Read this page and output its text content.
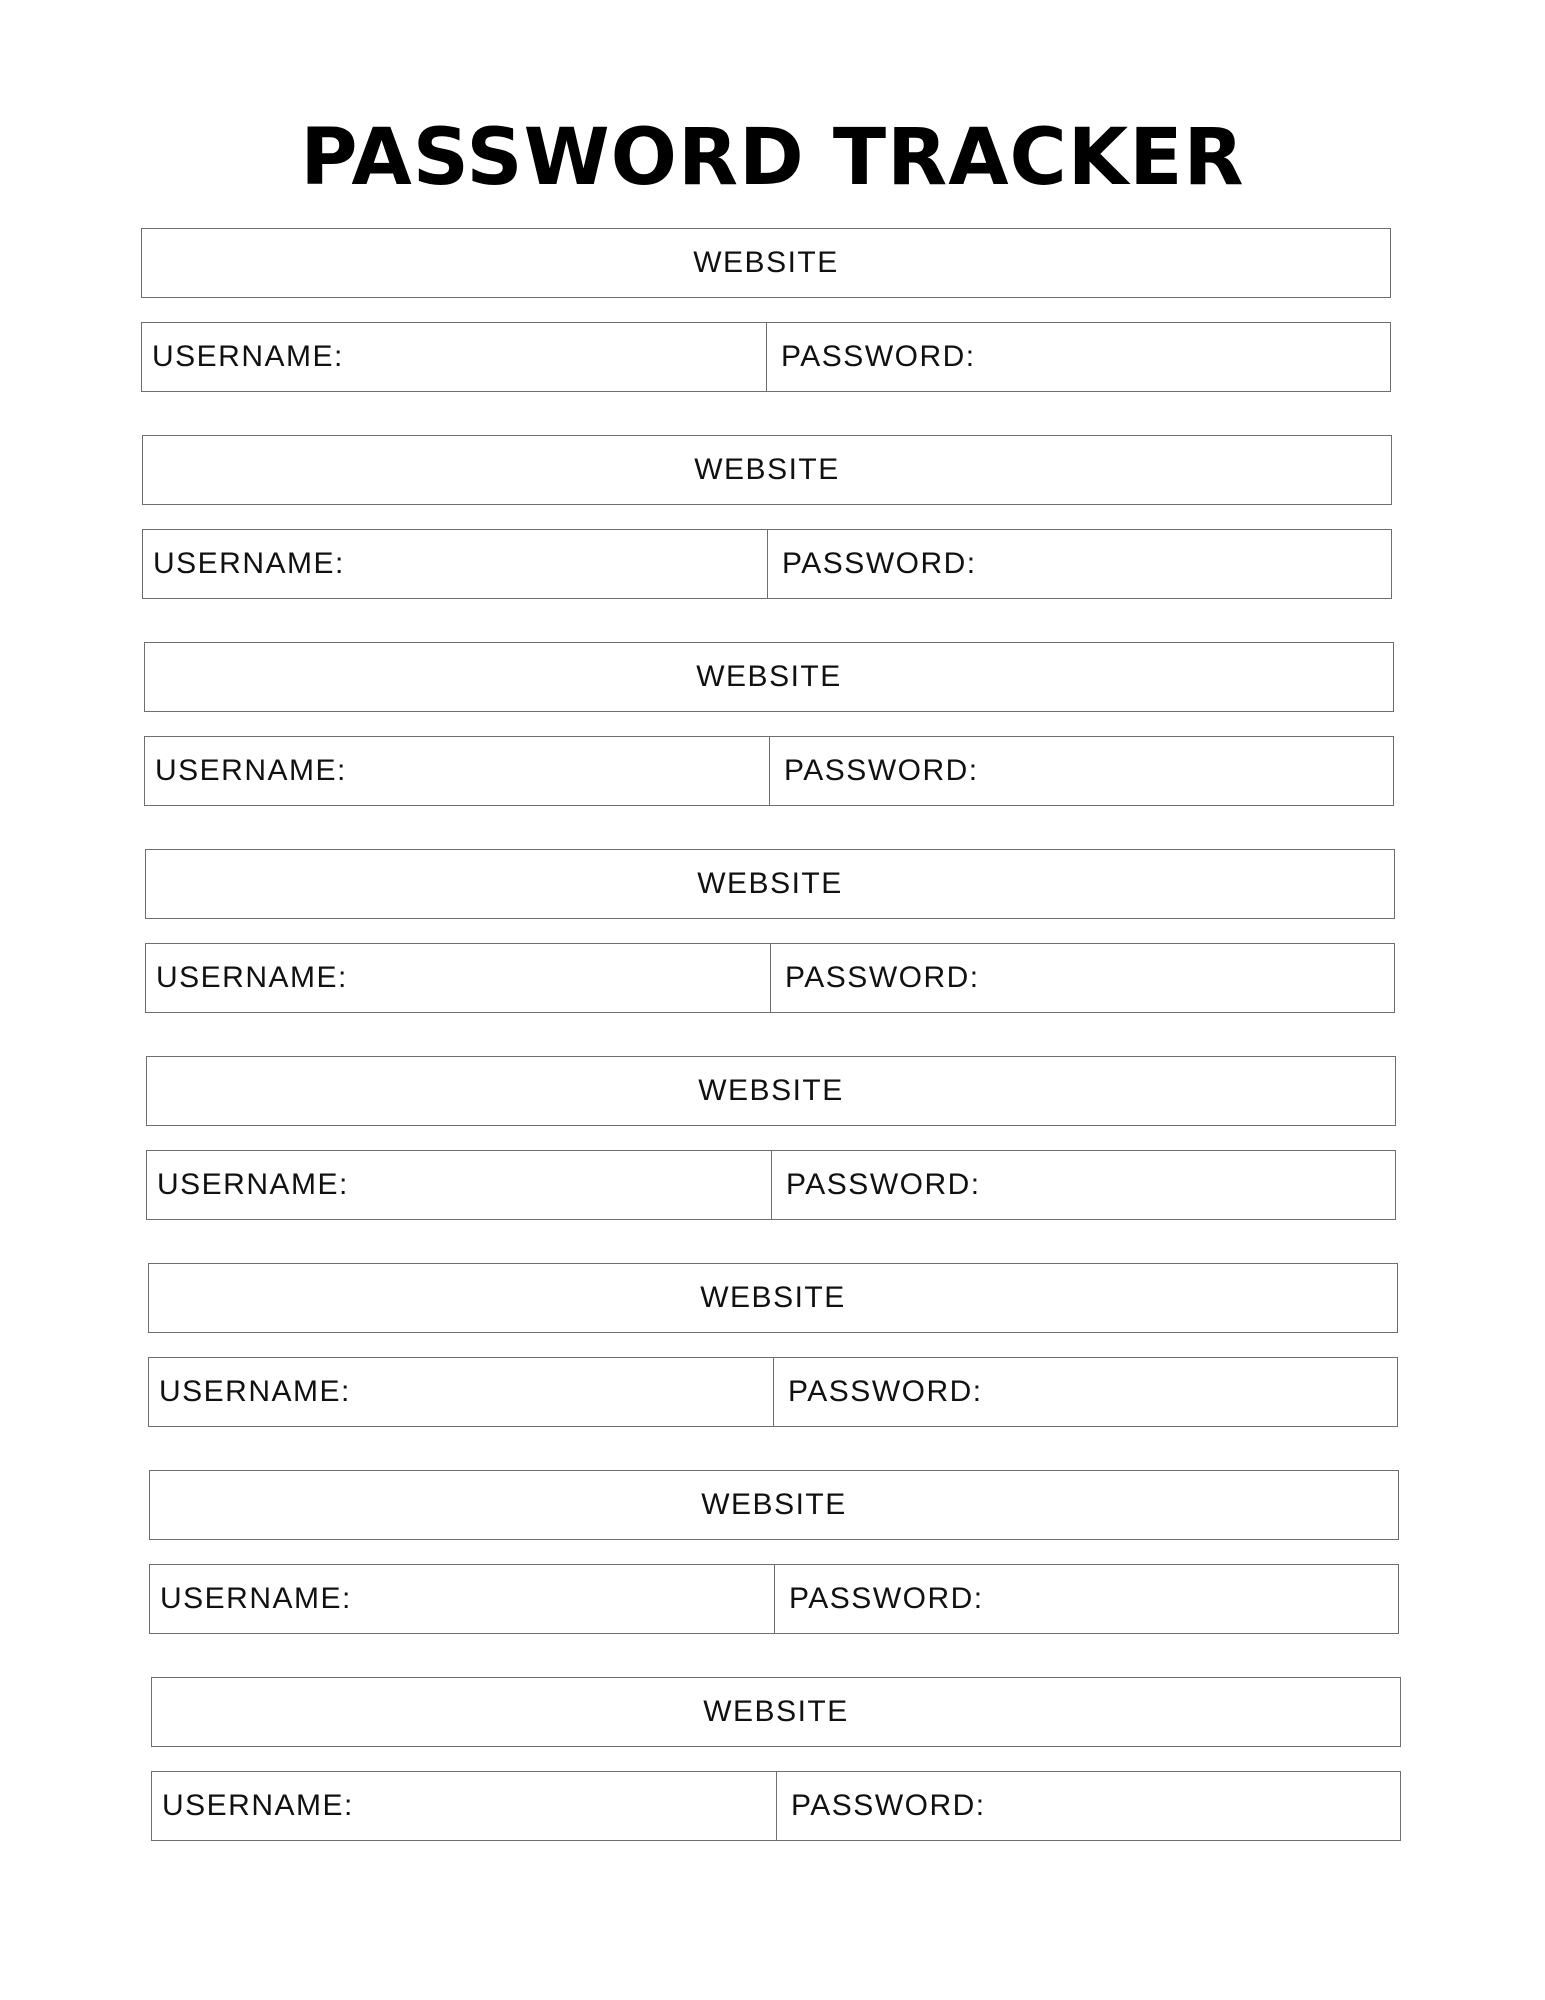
PASSWORD TRACKER
WEBSITE
USERNAME:	PASSWORD:
WEBSITE
USERNAME:	PASSWORD:
WEBSITE
USERNAME:	PASSWORD:
WEBSITE
USERNAME:	PASSWORD:
WEBSITE
USERNAME:	PASSWORD:
WEBSITE
USERNAME:	PASSWORD:
WEBSITE
USERNAME:	PASSWORD:
WEBSITE
USERNAME:	PASSWORD:
